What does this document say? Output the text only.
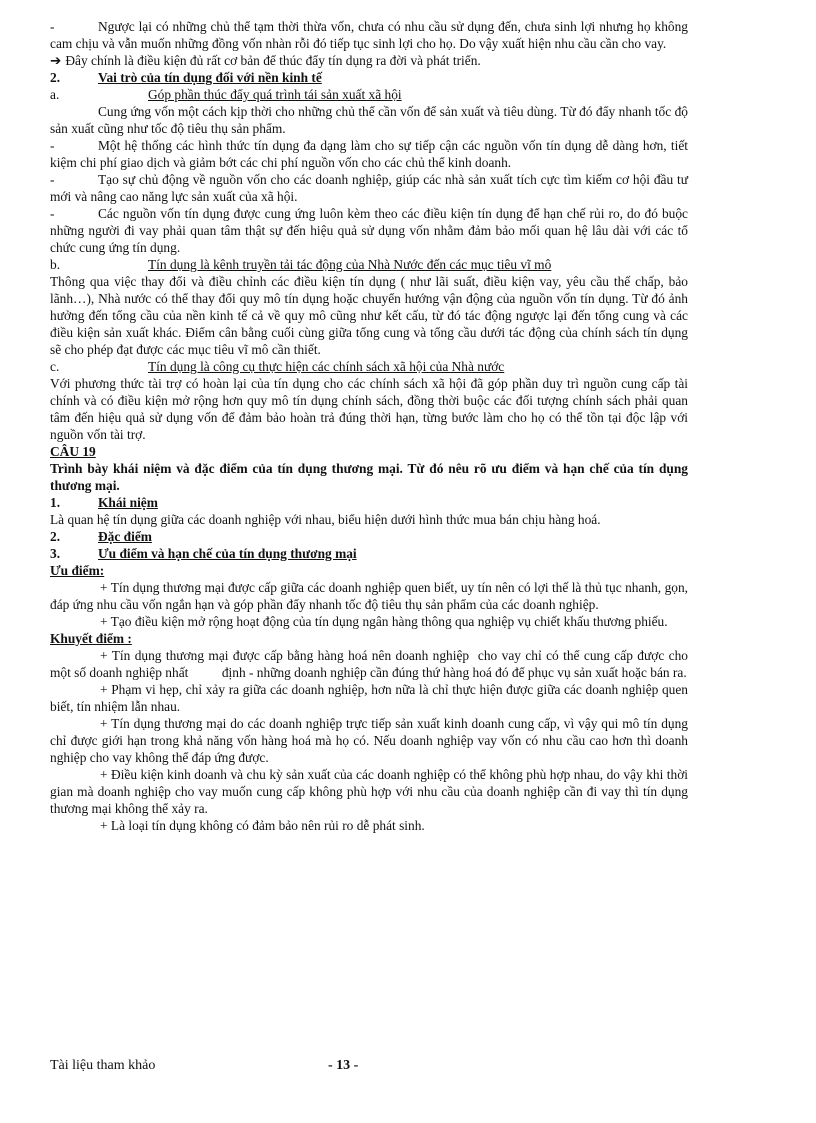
-	Ngược lại có những chủ thể tạm thời thừa vốn, chưa có nhu cầu sử dụng đến, chưa sinh lợi nhưng họ không cam chịu và vẫn muốn những đồng vốn nhàn rỗi đó tiếp tục sinh lợi cho họ. Do vậy xuất hiện nhu cầu cần cho vay.

➔ Đây chính là điều kiện đủ rất cơ bản để thúc đẩy tín dụng ra đời và phát triển.

2.	Vai trò của tín dụng đối với nền kinh tế
a.	Góp phần thúc đẩy quá trình tái sản xuất xã hội

Cung ứng vốn một cách kịp thời cho những chủ thể cần vốn để sản xuất và tiêu dùng. Từ đó đẩy nhanh tốc độ sản xuất cũng như tốc độ tiêu thụ sản phẩm.

-	Một hệ thống các hình thức tín dụng đa dạng làm cho sự tiếp cận các nguồn vốn tín dụng dễ dàng hơn, tiết kiệm chi phí giao dịch và giảm bớt các chi phí nguồn vốn cho các chủ thể kinh doanh.

-	Tạo sự chủ động về nguồn vốn cho các doanh nghiệp, giúp các nhà sản xuất tích cực tìm kiếm cơ hội đầu tư mới và nâng cao năng lực sản xuất của xã hội.

-	Các nguồn vốn tín dụng được cung ứng luôn kèm theo các điều kiện tín dụng để hạn chế rủi ro, do đó buộc những người đi vay phải quan tâm thật sự đến hiệu quả sử dụng vốn nhằm đảm bảo mối quan hệ lâu dài với các tổ chức cung ứng tín dụng.

b.	Tín dụng là kênh truyền tải tác động của Nhà Nước đến các mục tiêu vĩ mô

Thông qua việc thay đổi và điều chỉnh các điều kiện tín dụng ( như lãi suất, điều kiện vay, yêu cầu thế chấp, bảo lãnh…), Nhà nước có thể thay đổi quy mô tín dụng hoặc chuyển hướng vận động của nguồn vốn tín dụng. Từ đó ảnh hưởng đến tổng cầu của nền kinh tế cả về quy mô cũng như kết cấu, từ đó tác động ngược lại đến tổng cung và các điều kiện sản xuất khác. Điểm cân bằng cuối cùng giữa tổng cung và tổng cầu dưới tác động của chính sách tín dụng sẽ cho phép đạt được các mục tiêu vĩ mô cần thiết.

c.	Tín dụng là công cụ thực hiện các chính sách xã hội của Nhà nước

Với phương thức tài trợ có hoàn lại của tín dụng cho các chính sách xã hội đã góp phần duy trì nguồn cung cấp tài chính và có điều kiện mở rộng hơn quy mô tín dụng chính sách, đồng thời buộc các đối tượng chính sách phải quan tâm đến hiệu quả sử dụng vốn để đảm bảo hoàn trả đúng thời hạn, từng bước làm cho họ có thể tồn tại độc lập với nguồn vốn tài trợ.

CÂU 19

Trình bày khái niệm và đặc điểm của tín dụng thương mại. Từ đó nêu rõ ưu điểm và hạn chế của tín dụng thương mại.

1.	Khái niệm

Là quan hệ tín dụng giữa các doanh nghiệp với nhau, biểu hiện dưới hình thức mua bán chịu hàng hoá.

2.	Đặc điểm
3.	Ưu điểm và hạn chế của tín dụng thương mại
Ưu điểm:

+ Tín dụng thương mại được cấp giữa các doanh nghiệp quen biết, uy tín nên có lợi thế là thủ tục nhanh, gọn, đáp ứng nhu cầu vốn ngắn hạn và góp phần đẩy nhanh tốc độ tiêu thụ sản phẩm của các doanh nghiệp.

+ Tạo điều kiện mở rộng hoạt động của tín dụng ngân hàng thông qua nghiệp vụ chiết khấu thương phiếu.

Khuyết điểm :

+ Tín dụng thương mại được cấp bằng hàng hoá nên doanh nghiệp  cho vay chỉ có thể cung cấp được cho một số doanh nghiệp nhất          định - những doanh nghiệp cần đúng thứ hàng hoá đó để phục vụ sản xuất hoặc bán ra.

+ Phạm vi hẹp, chỉ xảy ra giữa các doanh nghiệp, hơn nữa là chỉ thực hiện được giữa các doanh nghiệp quen biết, tín nhiệm lẫn nhau.

+ Tín dụng thương mại do các doanh nghiệp trực tiếp sản xuất kinh doanh cung cấp, vì vậy qui mô tín dụng chỉ được giới hạn trong khả năng vốn hàng hoá mà họ có. Nếu doanh nghiệp vay vốn có nhu cầu cao hơn thì doanh nghiệp cho vay không thể đáp ứng được.

+ Điều kiện kinh doanh và chu kỳ sản xuất của các doanh nghiệp có thể không phù hợp nhau, do vậy khi thời gian mà doanh nghiệp cho vay muốn cung cấp không phù hợp với nhu cầu của doanh nghiệp cần đi vay thì tín dụng thương mại không thể xảy ra.

+ Là loại tín dụng không có đảm bảo nên rủi ro dễ phát sinh.

Tài liệu tham khảo	- 13 -
